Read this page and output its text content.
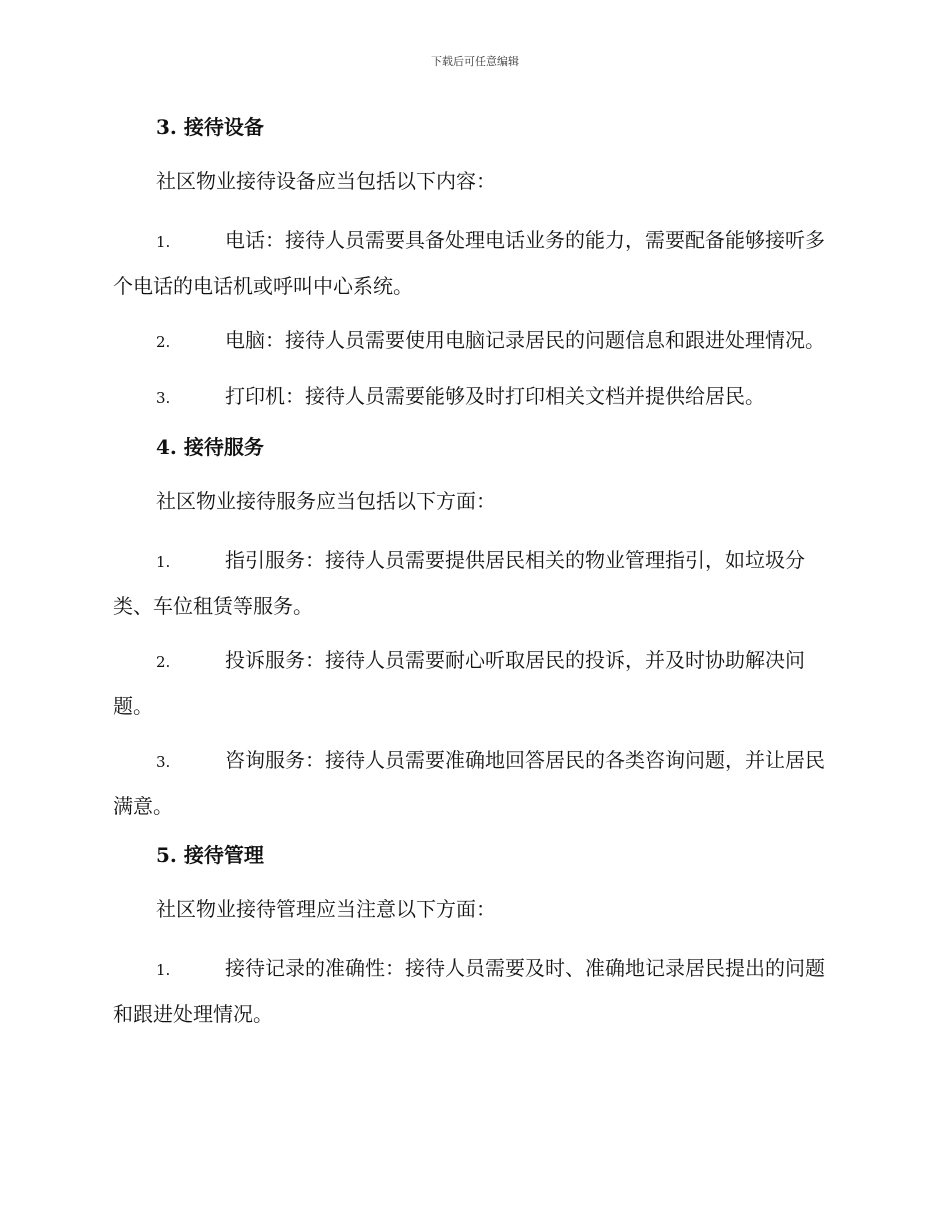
下载后可任意编辑

3. 接待设备

社区物业接待设备应当包括以下内容：

1.	电话：接待人员需要具备处理电话业务的能力，需要配备能够接听多个电话的电话机或呼叫中心系统。

2.	电脑：接待人员需要使用电脑记录居民的问题信息和跟进处理情况。

3.	打印机：接待人员需要能够及时打印相关文档并提供给居民。

4. 接待服务

社区物业接待服务应当包括以下方面：

1.	指引服务：接待人员需要提供居民相关的物业管理指引，如垃圾分类、车位租赁等服务。

2.	投诉服务：接待人员需要耐心听取居民的投诉，并及时协助解决问题。

3.	咨询服务：接待人员需要准确地回答居民的各类咨询问题，并让居民满意。

5. 接待管理

社区物业接待管理应当注意以下方面：

1.	接待记录的准确性：接待人员需要及时、准确地记录居民提出的问题和跟进处理情况。
